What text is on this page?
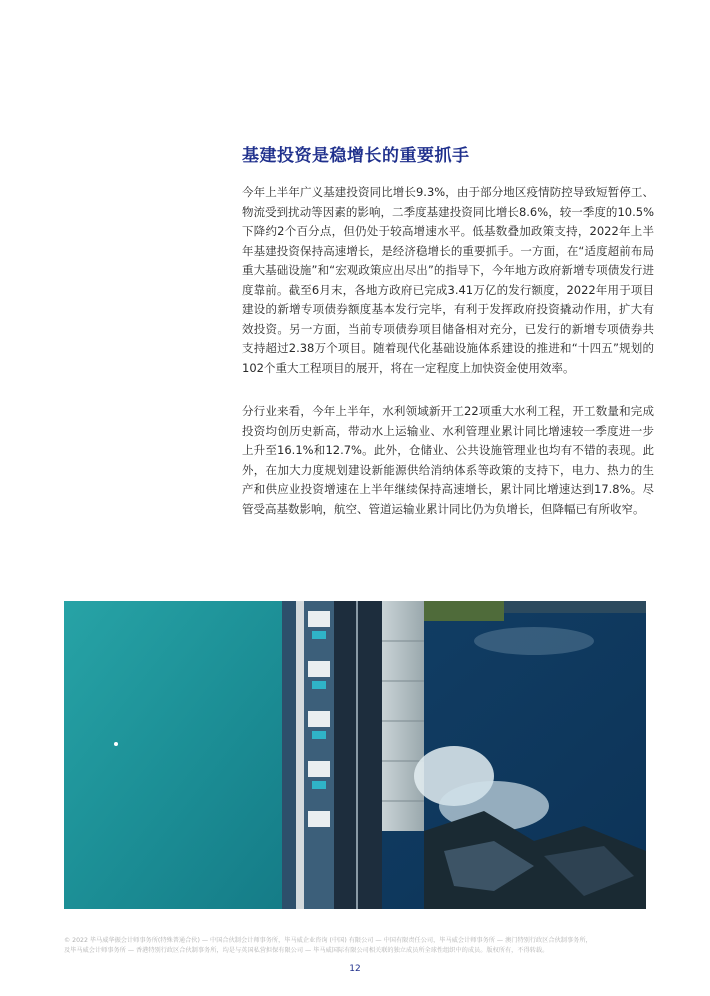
基建投资是稳增长的重要抓手

今年上半年广义基建投资同比增长9.3%，由于部分地区疫情防控导致短暂停工、物流受到扰动等因素的影响，二季度基建投资同比增长8.6%，较一季度的10.5%下降约2个百分点，但仍处于较高增速水平。低基数叠加政策支持，2022年上半年基建投资保持高速增长，是经济稳增长的重要抓手。一方面，在“适度超前布局重大基础设施”和“宏观政策应出尽出”的指导下，今年地方政府新增专项债发行进度靠前。截至6月末，各地方政府已完成3.41万亿的发行额度，2022年用于项目建设的新增专项债券额度基本发行完毕，有利于发挥政府投资撬动作用，扩大有效投资。另一方面，当前专项债券项目储备相对充分，已发行的新增专项债券共支持超过2.38万个项目。随着现代化基础设施体系建设的推进和“十四五”规划的102个重大工程项目的展开，将在一定程度上加快资金使用效率。

分行业来看，今年上半年，水利领域新开工22项重大水利工程，开工数量和完成投资均创历史新高，带动水上运输业、水利管理业累计同比增速较一季度进一步上升至16.1%和12.7%。此外，仓储业、公共设施管理业也均有不错的表现。此外，在加大力度规划建设新能源供给消纳体系等政策的支持下，电力、热力的生产和供应业投资增速在上半年继续保持高速增长，累计同比增速达到17.8%。尽管受高基数影响，航空、管道运输业累计同比仍为负增长，但降幅已有所收窄。

© 2022 毕马威华振会计师事务所(特殊普通合伙) — 中国合伙制会计师事务所，毕马威企业咨询 (中国) 有限公司 — 中国有限责任公司，毕马威会计师事务所 — 澳门特别行政区合伙制事务所，
及毕马威会计师事务所 — 香港特别行政区合伙制事务所，均是与英国私营担保有限公司 — 毕马威国际有限公司相关联的独立成员所全球性组织中的成员。版权所有，不得转载。

12
